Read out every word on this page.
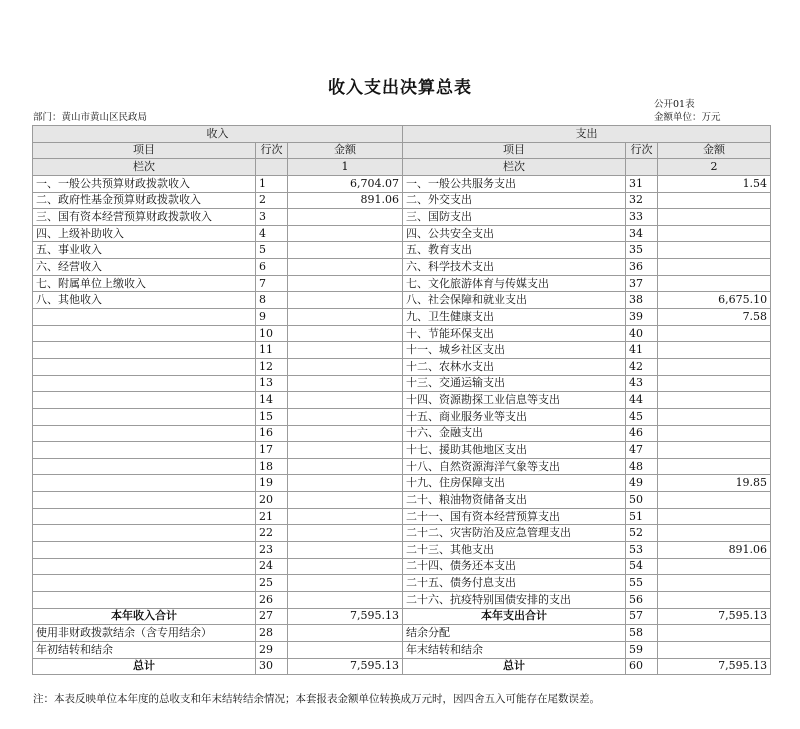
收入支出决算总表
公开01表
部门：黄山市黄山区民政局	金额单位：万元
收入			支出		
项目	行次	金额	项目	行次	金额
栏次		1	栏次		2
一、一般公共预算财政拨款收入	1	6,704.07	一、一般公共服务支出	31	1.54
二、政府性基金预算财政拨款收入	2	891.06	二、外交支出	32	
三、国有资本经营预算财政拨款收入	3		三、国防支出	33	
四、上级补助收入	4		四、公共安全支出	34	
五、事业收入	5		五、教育支出	35	
六、经营收入	6		六、科学技术支出	36	
七、附属单位上缴收入	7		七、文化旅游体育与传媒支出	37	
八、其他收入	8		八、社会保障和就业支出	38	6,675.10
	9		九、卫生健康支出	39	7.58
	10		十、节能环保支出	40	
	11		十一、城乡社区支出	41	
	12		十二、农林水支出	42	
	13		十三、交通运输支出	43	
	14		十四、资源勘探工业信息等支出	44	
	15		十五、商业服务业等支出	45	
	16		十六、金融支出	46	
	17		十七、援助其他地区支出	47	
	18		十八、自然资源海洋气象等支出	48	
	19		十九、住房保障支出	49	19.85
	20		二十、粮油物资储备支出	50	
	21		二十一、国有资本经营预算支出	51	
	22		二十二、灾害防治及应急管理支出	52	
	23		二十三、其他支出	53	891.06
	24		二十四、债务还本支出	54	
	25		二十五、债务付息支出	55	
	26		二十六、抗疫特别国债安排的支出	56	
本年收入合计	27	7,595.13	本年支出合计	57	7,595.13
使用非财政拨款结余（含专用结余）	28		结余分配	58	
年初结转和结余	29		年末结转和结余	59	
总计	30	7,595.13	总计	60	7,595.13
注：本表反映单位本年度的总收支和年末结转结余情况；本套报表金额单位转换成万元时，因四舍五入可能存在尾数误差。
